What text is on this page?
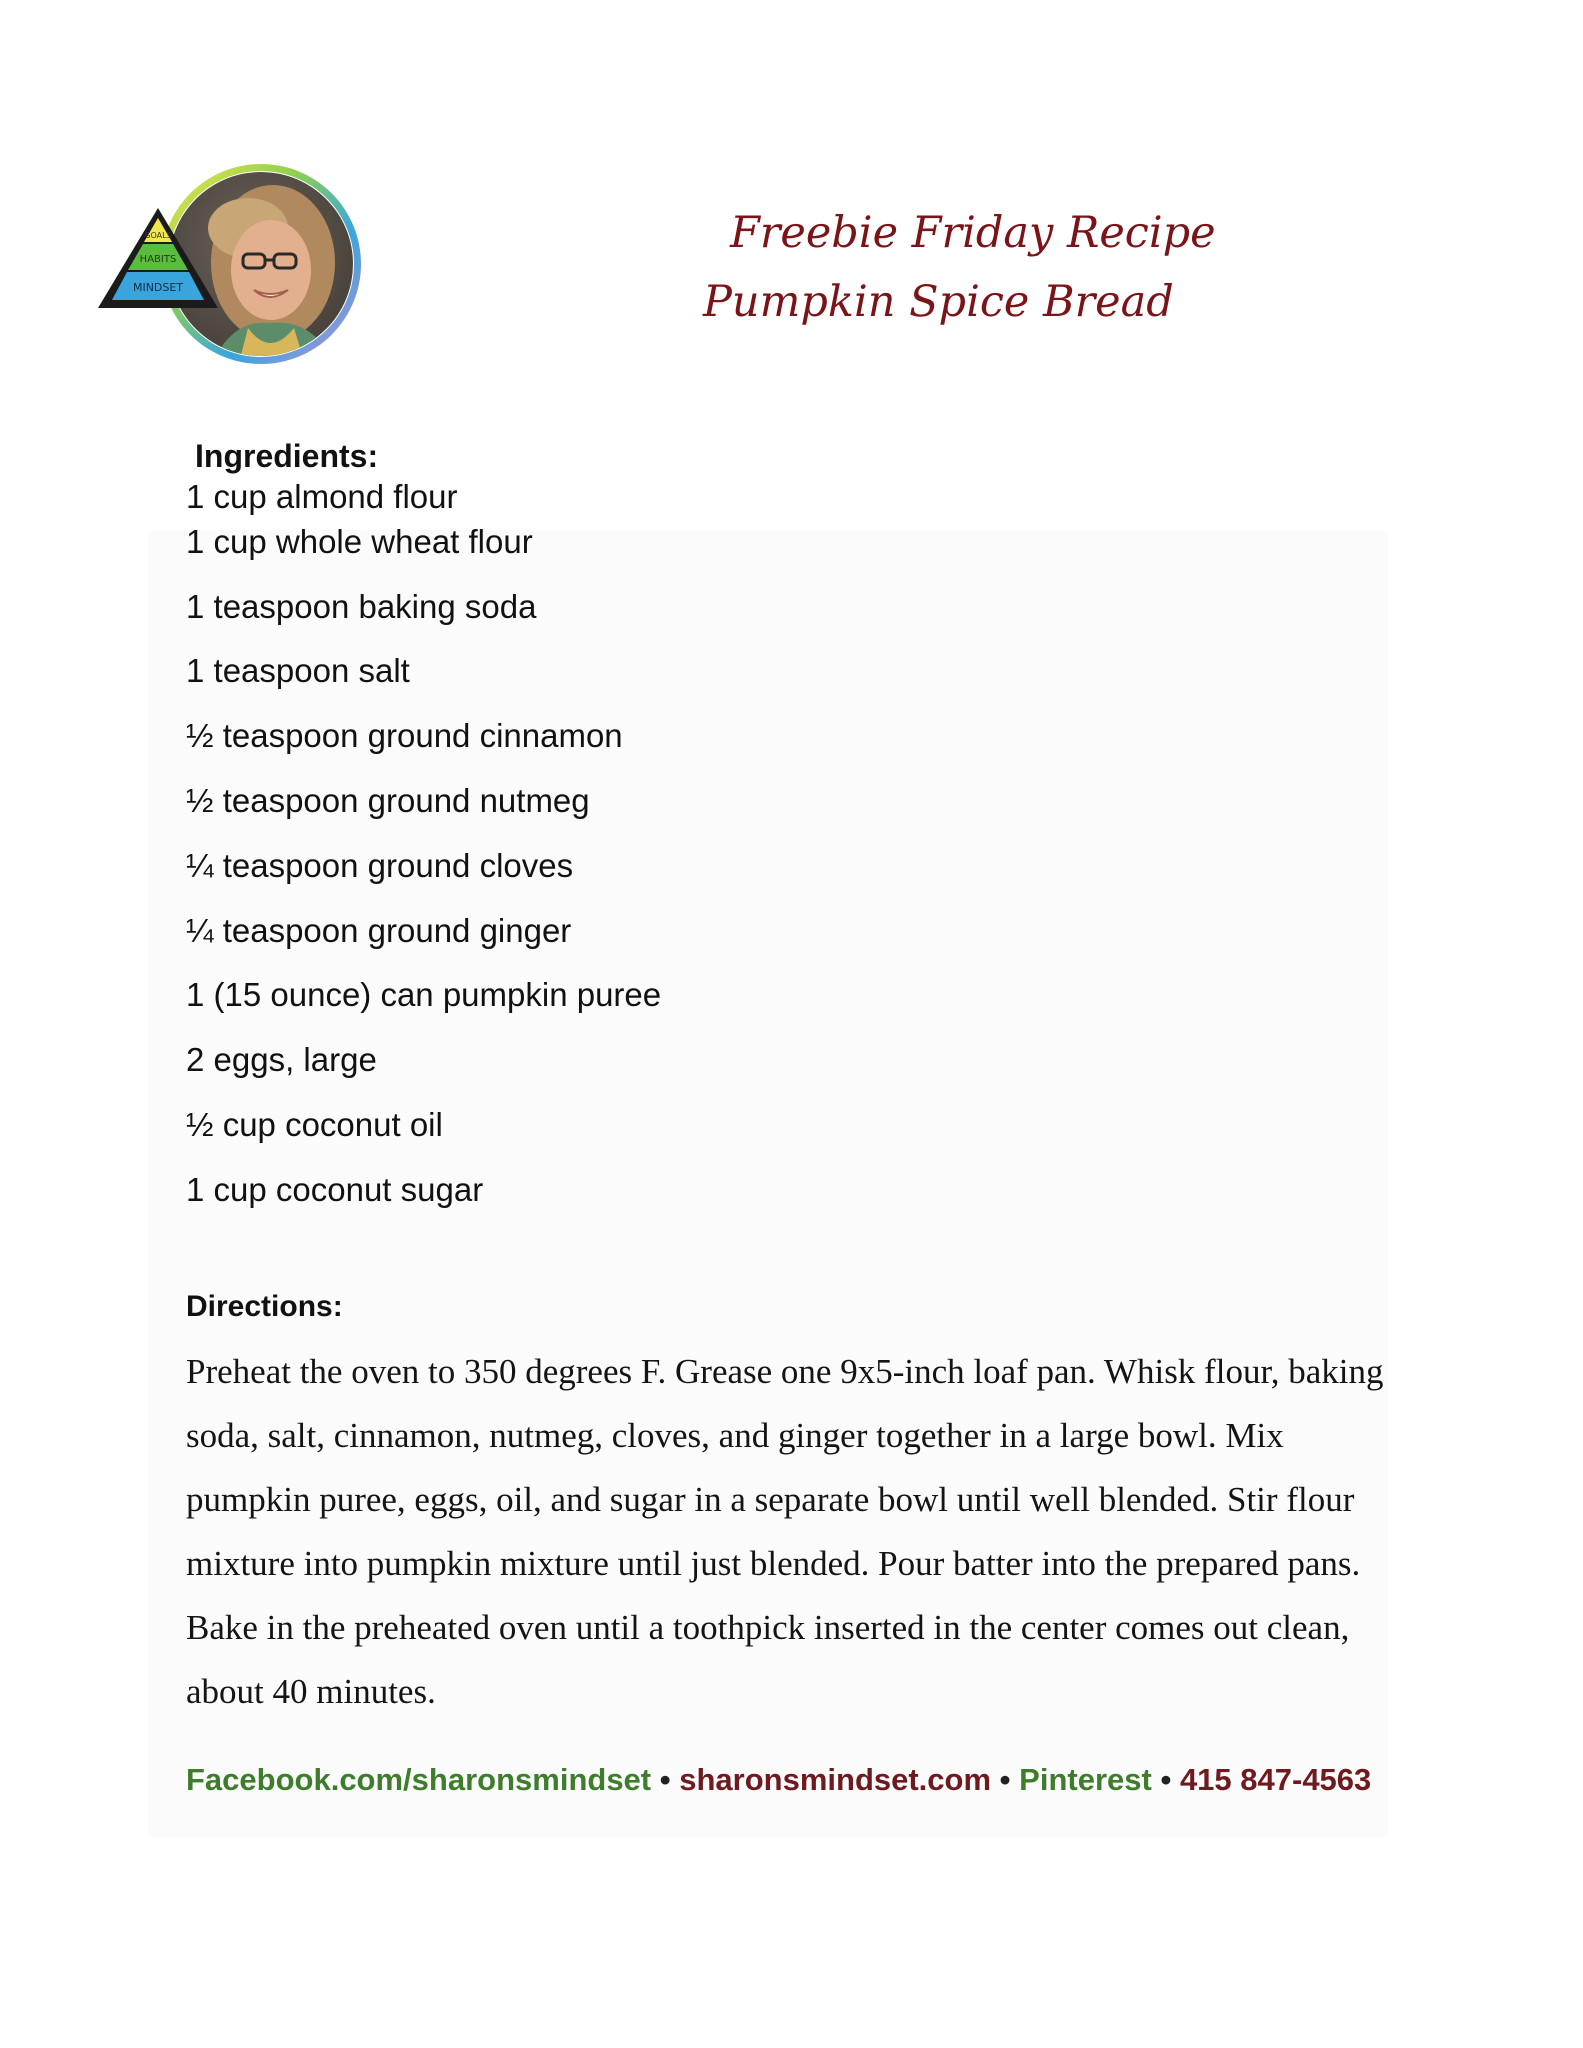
GOALS
HABITS
MINDSET
Freebie Friday Recipe
Pumpkin Spice Bread
Ingredients:
1 cup almond flour
1 cup whole wheat flour
1 teaspoon baking soda
1 teaspoon salt
½ teaspoon ground cinnamon
½ teaspoon ground nutmeg
¼ teaspoon ground cloves
¼ teaspoon ground ginger
1 (15 ounce) can pumpkin puree
2 eggs, large
½ cup coconut oil
1 cup coconut sugar
Directions:

Preheat the oven to 350 degrees F. Grease one 9x5-inch loaf pan. Whisk flour, baking soda, salt, cinnamon, nutmeg, cloves, and ginger together in a large bowl. Mix pumpkin puree, eggs, oil, and sugar in a separate bowl until well blended. Stir flour mixture into pumpkin mixture until just blended. Pour batter into the prepared pans. Bake in the preheated oven until a toothpick inserted in the center comes out clean, about 40 minutes.

Facebook.com/sharonsmindset • sharonsmindset.com • Pinterest • 415 847-4563
